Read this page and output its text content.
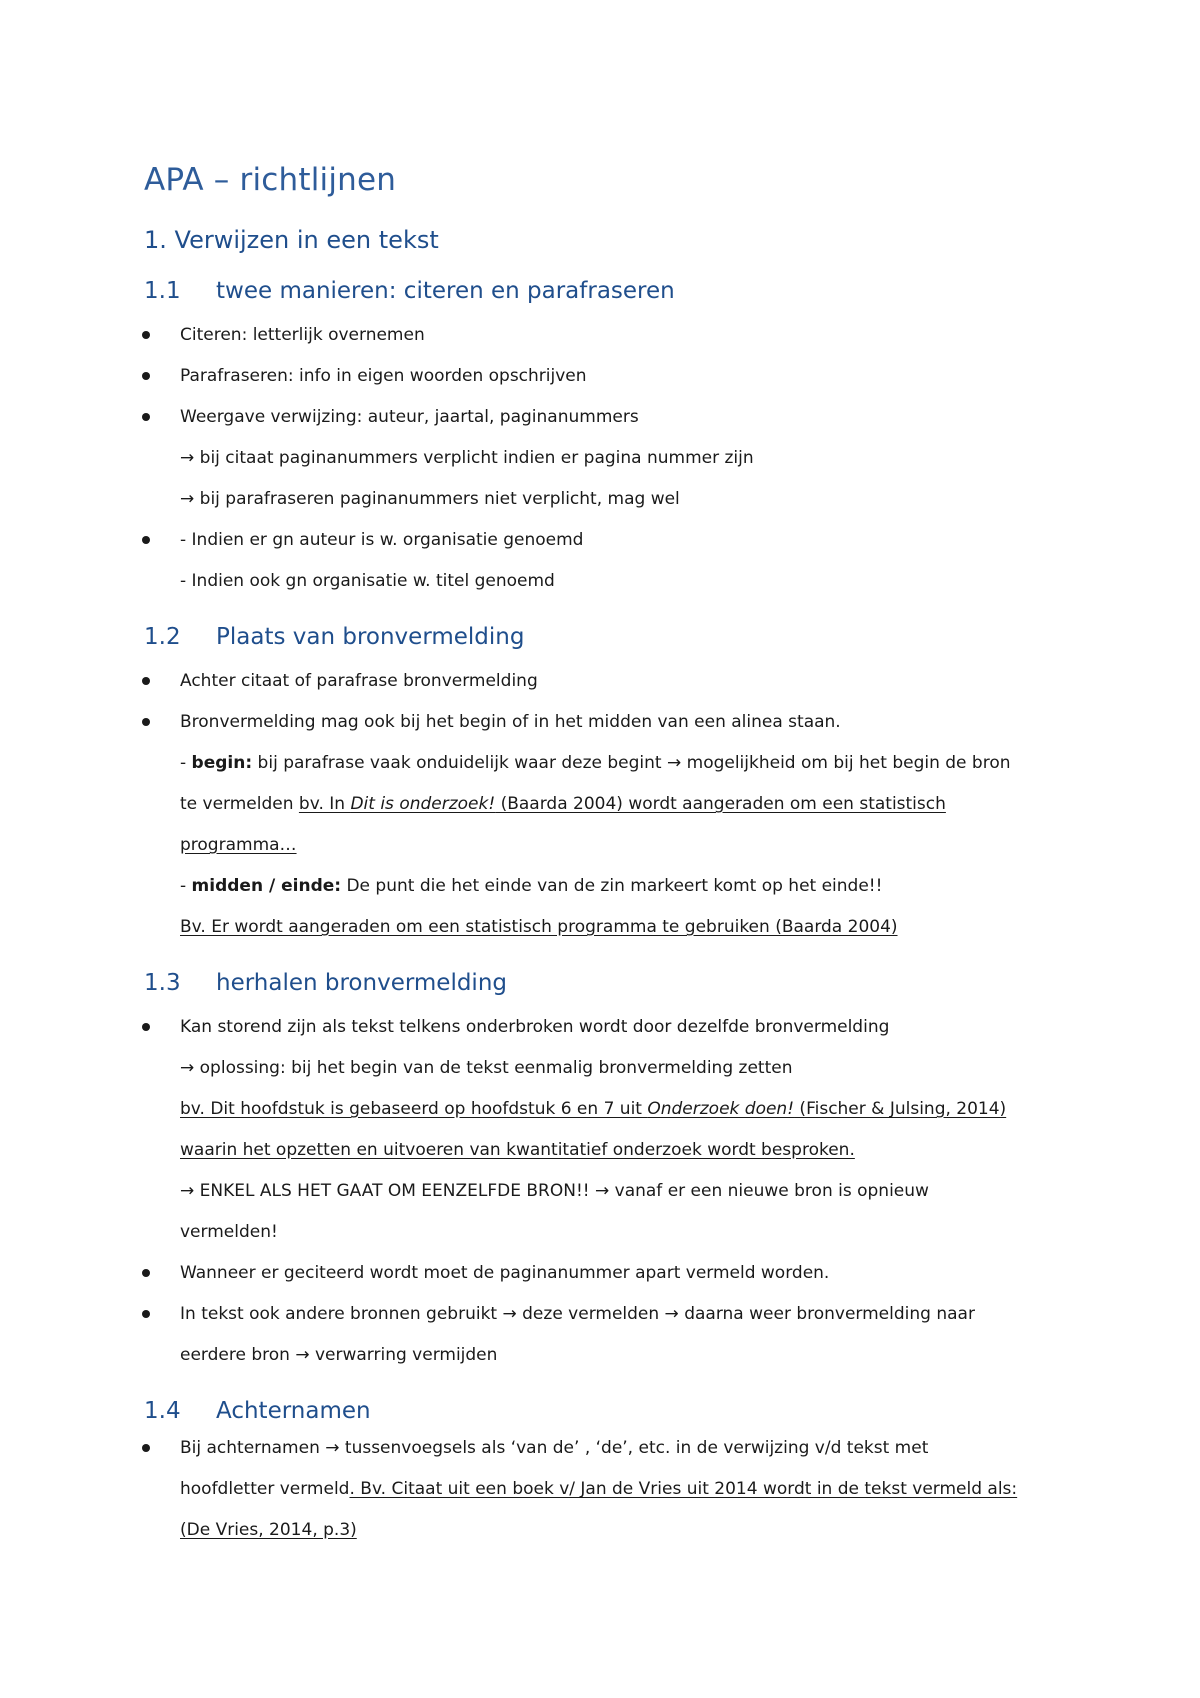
APA – richtlijnen
1. Verwijzen in een tekst
1.1 twee manieren: citeren en parafraseren

Citeren: letterlijk overnemen

Parafraseren: info in eigen woorden opschrijven

Weergave verwijzing: auteur, jaartal, paginanummers

→ bij citaat paginanummers verplicht indien er pagina nummer zijn

→ bij parafraseren paginanummers niet verplicht, mag wel

- Indien er gn auteur is w. organisatie genoemd

- Indien ook gn organisatie w. titel genoemd

1.2 Plaats van bronvermelding

Achter citaat of parafrase bronvermelding

Bronvermelding mag ook bij het begin of in het midden van een alinea staan.

- begin: bij parafrase vaak onduidelijk waar deze begint → mogelijkheid om bij het begin de bron

te vermelden bv. In Dit is onderzoek! (Baarda 2004) wordt aangeraden om een statistisch

programma…

- midden / einde: De punt die het einde van de zin markeert komt op het einde!!

Bv. Er wordt aangeraden om een statistisch programma te gebruiken (Baarda 2004)

1.3 herhalen bronvermelding

Kan storend zijn als tekst telkens onderbroken wordt door dezelfde bronvermelding

→ oplossing: bij het begin van de tekst eenmalig bronvermelding zetten

bv. Dit hoofdstuk is gebaseerd op hoofdstuk 6 en 7 uit Onderzoek doen! (Fischer & Julsing, 2014)

waarin het opzetten en uitvoeren van kwantitatief onderzoek wordt besproken.

→ ENKEL ALS HET GAAT OM EENZELFDE BRON!! → vanaf er een nieuwe bron is opnieuw

vermelden!

Wanneer er geciteerd wordt moet de paginanummer apart vermeld worden.

In tekst ook andere bronnen gebruikt → deze vermelden → daarna weer bronvermelding naar

eerdere bron → verwarring vermijden

1.4 Achternamen

Bij achternamen → tussenvoegsels als ‘van de’ , ‘de’, etc. in de verwijzing v/d tekst met

hoofdletter vermeld. Bv. Citaat uit een boek v/ Jan de Vries uit 2014 wordt in de tekst vermeld als:

(De Vries, 2014, p.3)
